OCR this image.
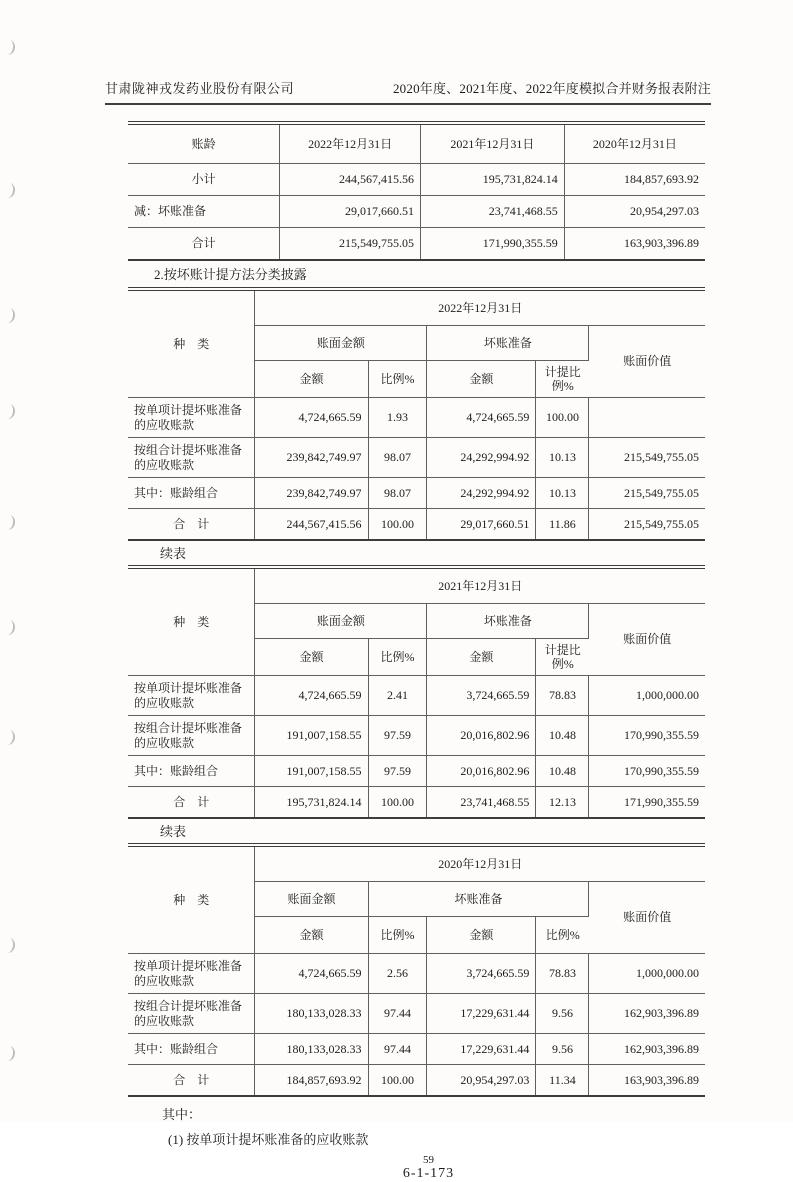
甘肃陇神戎发药业股份有限公司	2020年度、2021年度、2022年度模拟合并财务报表附注
账龄	2022年12月31日	2021年12月31日	2020年12月31日
小计	244,567,415.56	195,731,824.14	184,857,693.92
减：坏账准备	29,017,660.51	23,741,468.55	20,954,297.03
合计	215,549,755.05	171,990,355.59	163,903,396.89

2.按坏账计提方法分类披露

种　类	2022年12月31日				
	账面金额		坏账准备		账面价值
	金额	比例%	金额	计提比例%	
按单项计提坏账准备的应收账款	4,724,665.59	1.93	4,724,665.59	100.00	
按组合计提坏账准备的应收账款	239,842,749.97	98.07	24,292,994.92	10.13	215,549,755.05
其中：账龄组合	239,842,749.97	98.07	24,292,994.92	10.13	215,549,755.05
合　计	244,567,415.56	100.00	29,017,660.51	11.86	215,549,755.05

续表

种　类	2021年12月31日				
	账面金额		坏账准备		账面价值
	金额	比例%	金额	计提比例%	
按单项计提坏账准备的应收账款	4,724,665.59	2.41	3,724,665.59	78.83	1,000,000.00
按组合计提坏账准备的应收账款	191,007,158.55	97.59	20,016,802.96	10.48	170,990,355.59
其中：账龄组合	191,007,158.55	97.59	20,016,802.96	10.48	170,990,355.59
合　计	195,731,824.14	100.00	23,741,468.55	12.13	171,990,355.59

续表

种　类	2020年12月31日				
	账面金额	坏账准备			账面价值
	金额	比例%	金额	比例%	
按单项计提坏账准备的应收账款	4,724,665.59	2.56	3,724,665.59	78.83	1,000,000.00
按组合计提坏账准备的应收账款	180,133,028.33	97.44	17,229,631.44	9.56	162,903,396.89
其中：账龄组合	180,133,028.33	97.44	17,229,631.44	9.56	162,903,396.89
合　计	184,857,693.92	100.00	20,954,297.03	11.34	163,903,396.89

其中：

(1) 按单项计提坏账准备的应收账款

59
6-1-173
